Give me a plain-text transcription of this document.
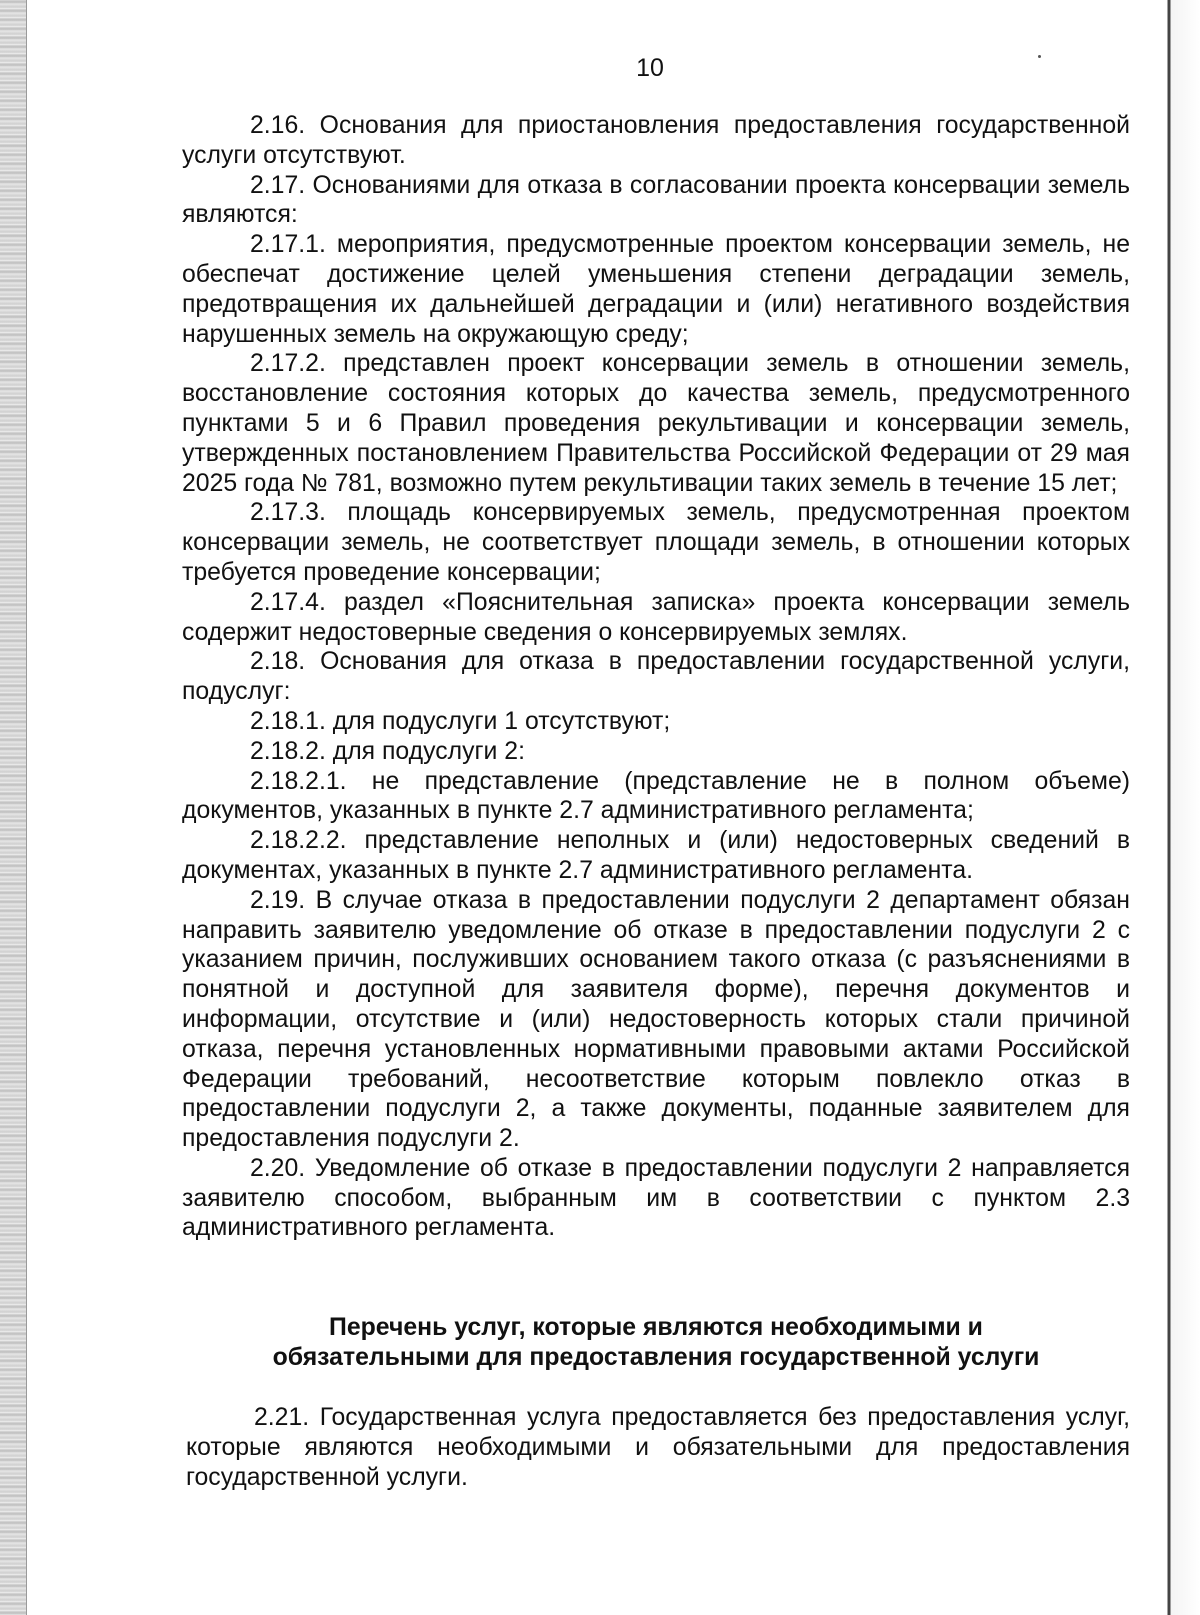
10

2.16. Основания для приостановления предоставления государственной услуги отсутствуют.

2.17. Основаниями для отказа в согласовании проекта консервации земель являются:

2.17.1. мероприятия, предусмотренные проектом консервации земель, не обеспечат достижение целей уменьшения степени деградации земель, предотвращения их дальнейшей деградации и (или) негативного воздействия нарушенных земель на окружающую среду;

2.17.2. представлен проект консервации земель в отношении земель, восстановление состояния которых до качества земель, предусмотренного пунктами 5 и 6 Правил проведения рекультивации и консервации земель, утвержденных постановлением Правительства Российской Федерации от 29 мая 2025 года № 781, возможно путем рекультивации таких земель в течение 15 лет;

2.17.3. площадь консервируемых земель, предусмотренная проектом консервации земель, не соответствует площади земель, в отношении которых требуется проведение консервации;

2.17.4. раздел «Пояснительная записка» проекта консервации земель содержит недостоверные сведения о консервируемых землях.

2.18. Основания для отказа в предоставлении государственной услуги, подуслуг:

2.18.1. для подуслуги 1 отсутствуют;

2.18.2. для подуслуги 2:

2.18.2.1. не представление (представление не в полном объеме) документов, указанных в пункте 2.7 административного регламента;

2.18.2.2. представление неполных и (или) недостоверных сведений в документах, указанных в пункте 2.7 административного регламента.

2.19. В случае отказа в предоставлении подуслуги 2 департамент обязан направить заявителю уведомление об отказе в предоставлении подуслуги 2 с указанием причин, послуживших основанием такого отказа (с разъяснениями в понятной и доступной для заявителя форме), перечня документов и информации, отсутствие и (или) недостоверность которых стали причиной отказа, перечня установленных нормативными правовыми актами Российской Федерации требований, несоответствие которым повлекло отказ в предоставлении подуслуги 2, а также документы, поданные заявителем для предоставления подуслуги 2.

2.20. Уведомление об отказе в предоставлении подуслуги 2 направляется заявителю способом, выбранным им в соответствии с пунктом 2.3 административного регламента.

Перечень услуг, которые являются необходимыми и
обязательными для предоставления государственной услуги

2.21. Государственная услуга предоставляется без предоставления услуг, которые являются необходимыми и обязательными для предоставления государственной услуги.
